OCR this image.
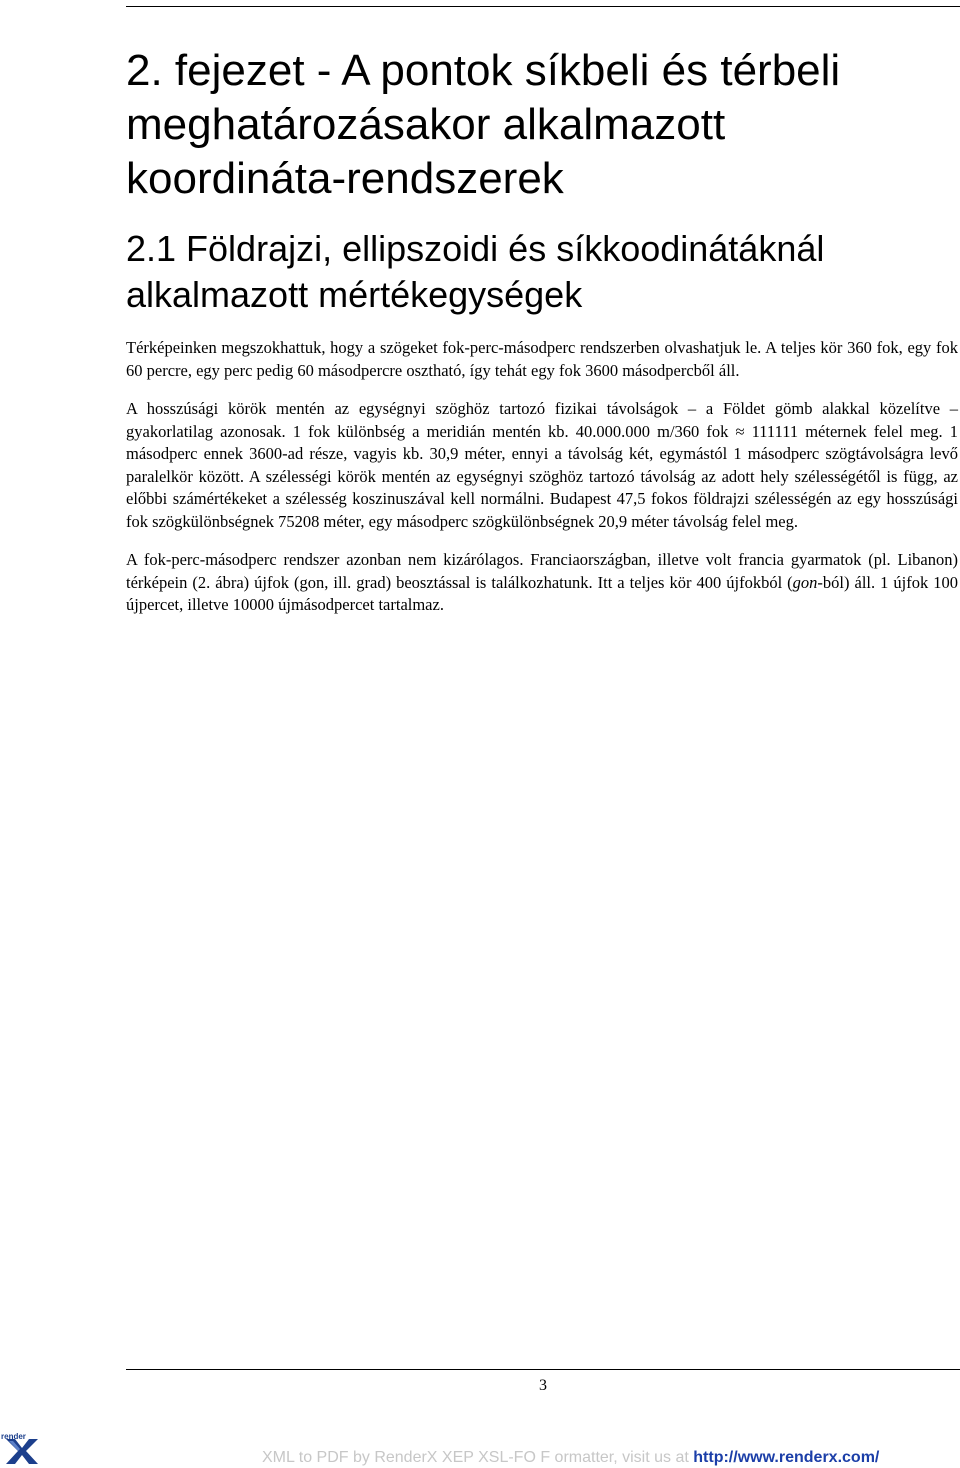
2. fejezet - A pontok síkbeli és térbeli meghatározásakor alkalmazott koordináta-rendszerek
2.1 Földrajzi, ellipszoidi és síkkoodinátáknál alkalmazott mértékegységek

Térképeinken megszokhattuk, hogy a szögeket fok-perc-másodperc rendszerben olvashatjuk le. A teljes kör 360 fok, egy fok 60 percre, egy perc pedig 60 másodpercre osztható, így tehát egy fok 3600 másodpercből áll.

A hosszúsági körök mentén az egységnyi szöghöz tartozó fizikai távolságok – a Földet gömb alakkal közelítve – gyakorlatilag azonosak. 1 fok különbség a meridián mentén kb. 40.000.000 m/360 fok ≈ 111111 méternek felel meg. 1 másodperc ennek 3600-ad része, vagyis kb. 30,9 méter, ennyi a távolság két, egymástól 1 másodperc szögtávolságra levő paralelkör között. A szélességi körök mentén az egységnyi szöghöz tartozó távolság az adott hely szélességétől is függ, az előbbi számértékeket a szélesség koszinuszával kell normálni. Budapest 47,5 fokos földrajzi szélességén az egy hosszúsági fok szögkülönbségnek 75208 méter, egy másodperc szögkülönbségnek 20,9 méter távolság felel meg.

A fok-perc-másodperc rendszer azonban nem kizárólagos. Franciaországban, illetve volt francia gyarmatok (pl. Libanon) térképein (2. ábra) újfok (gon, ill. grad) beosztással is találkozhatunk. Itt a teljes kör 400 újfokból (gon-ból) áll. 1 újfok 100 újpercet, illetve 10000 újmásodpercet tartalmaz.

3
render
XML to PDF by RenderX XEP XSL-FO F ormatter, visit us at http://www.renderx.com/
